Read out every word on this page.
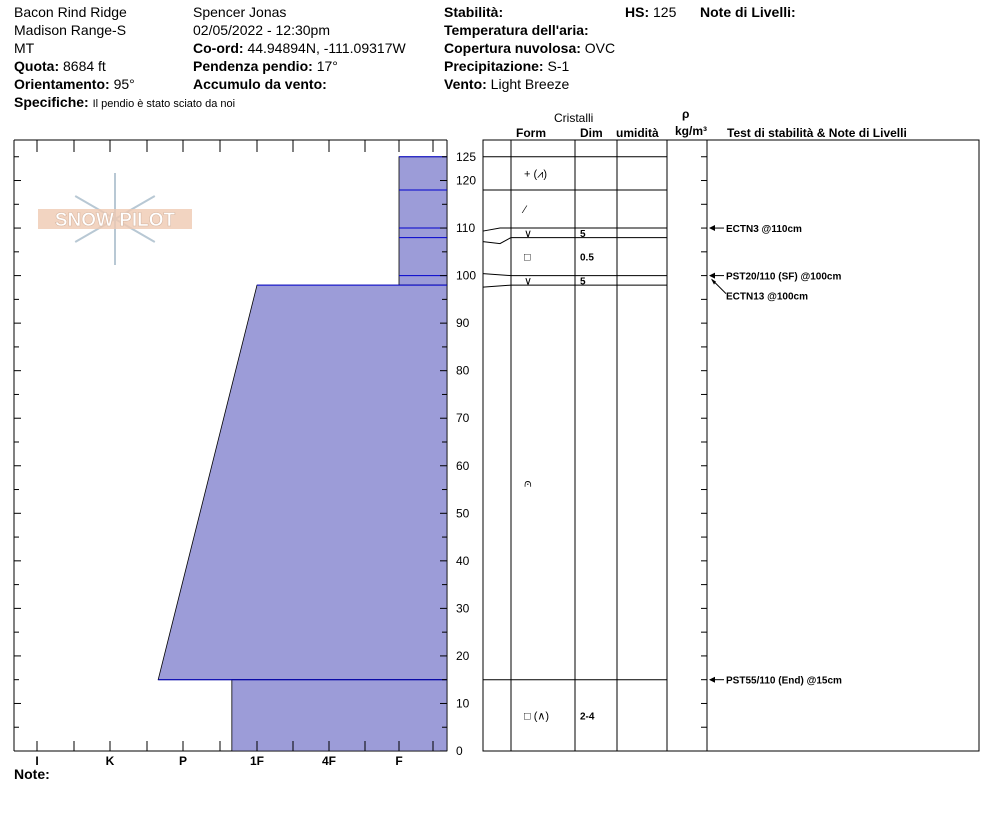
Bacon Rind Ridge
Madison Range-S
MT
Quota: 8684 ft
Orientamento: 95°
Specifiche: Il pendio è stato sciato da noi
Spencer Jonas
02/05/2022 - 12:30pm
Co-ord: 44.94894N, -111.09317W
Pendenza pendio: 17°
Accumulo da vento:
Stabilità:
Temperatura dell'aria:
Copertura nuvolosa: OVC
Precipitazione: S-1
Vento: Light Breeze
HS: 125 Note di Livelli:
Cristalli
Form	Dim umidità
ρ
kg/m³ Test di stabilità & Note di Livelli
Note:
SNOW PILOT
I	K	P	1F	4F	F
0
10
20
30
40
50
60
70
80
90
100
110
120
125
+ (⩘)
⁄
∨	5
□	0.5
∨	5
⩀
□ (∧)	2-4
ECTN3 @110cm
PST20/110 (SF) @100cm
ECTN13 @100cm
PST55/110 (End) @15cm
